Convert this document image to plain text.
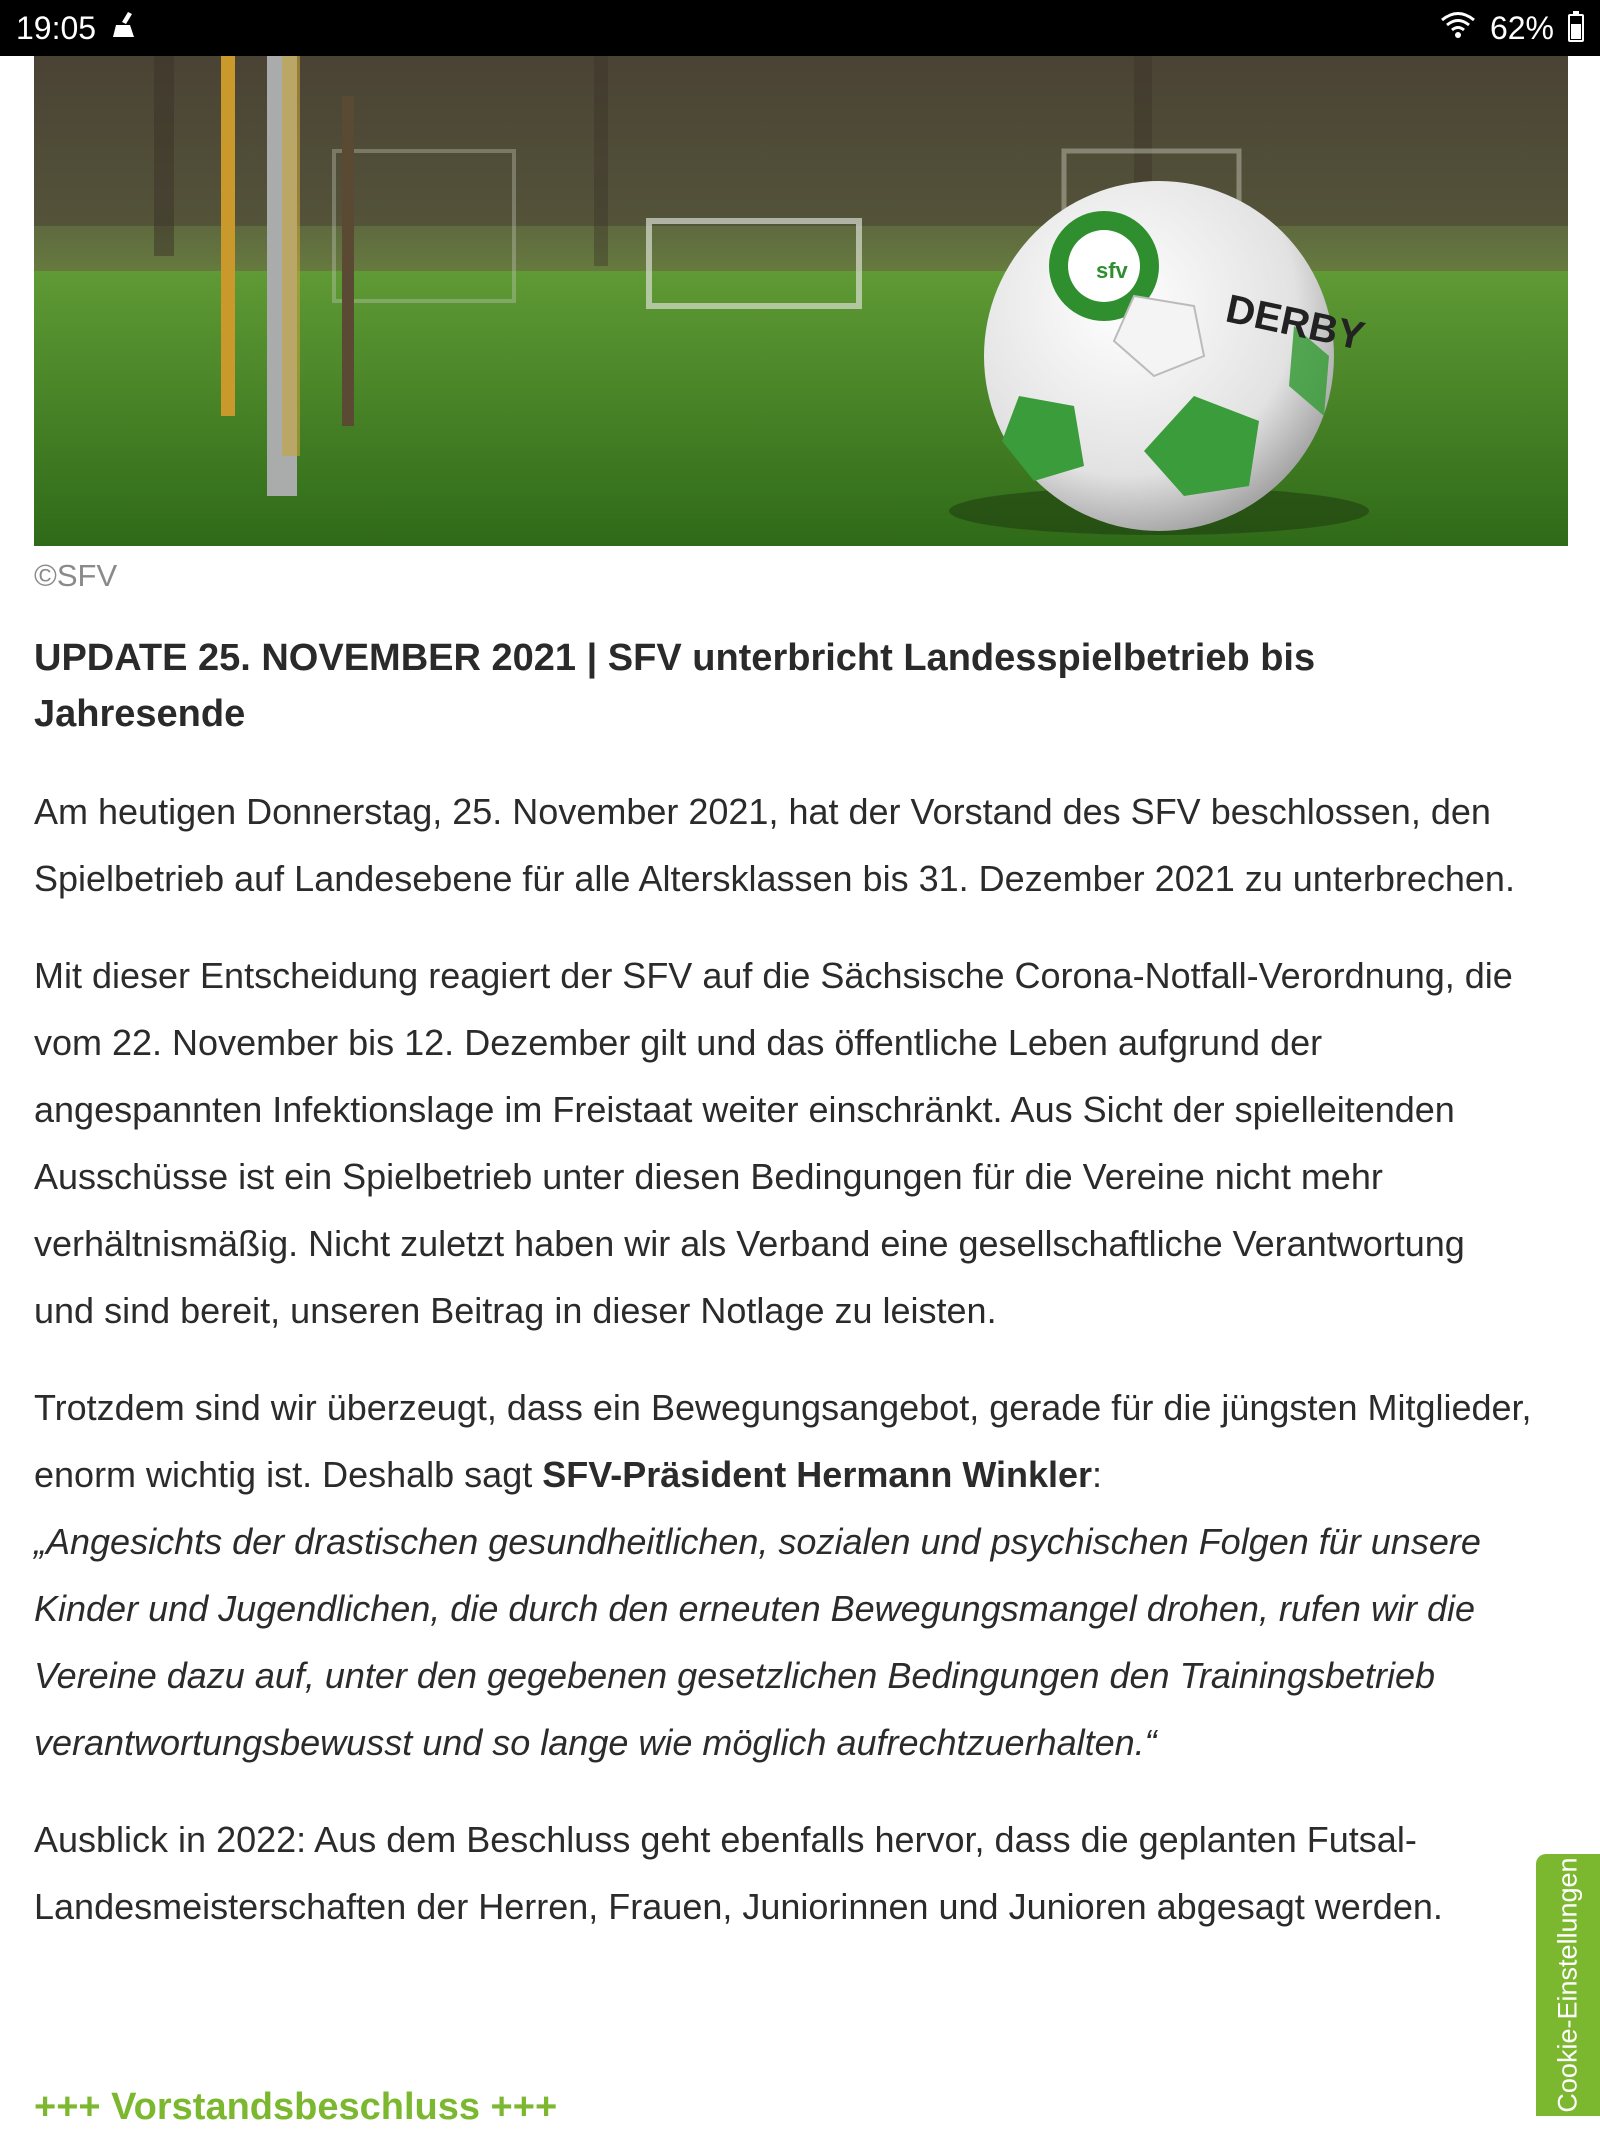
19:05	62%
DERBY
sfv
©SFV
UPDATE 25. NOVEMBER 2021 | SFV unterbricht Landesspielbetrieb bis Jahresende

Am heutigen Donnerstag, 25. November 2021, hat der Vorstand des SFV beschlossen, den Spielbetrieb auf Landesebene für alle Altersklassen bis 31. Dezember 2021 zu unterbrechen.

Mit dieser Entscheidung reagiert der SFV auf die Sächsische Corona-Notfall-Verordnung, die vom 22. November bis 12. Dezember gilt und das öffentliche Leben aufgrund der angespannten Infektionslage im Freistaat weiter einschränkt. Aus Sicht der spielleitenden Ausschüsse ist ein Spielbetrieb unter diesen Bedingungen für die Vereine nicht mehr verhältnismäßig. Nicht zuletzt haben wir als Verband eine gesellschaftliche Verantwortung und sind bereit, unseren Beitrag in dieser Notlage zu leisten.

Trotzdem sind wir überzeugt, dass ein Bewegungsangebot, gerade für die jüngsten Mitglieder, enorm wichtig ist. Deshalb sagt SFV-Präsident Hermann Winkler:
„Angesichts der drastischen gesundheitlichen, sozialen und psychischen Folgen für unsere Kinder und Jugendlichen, die durch den erneuten Bewegungsmangel drohen, rufen wir die Vereine dazu auf, unter den gegebenen gesetzlichen Bedingungen den Trainingsbetrieb verantwortungsbewusst und so lange wie möglich aufrechtzuerhalten.“

Ausblick in 2022: Aus dem Beschluss geht ebenfalls hervor, dass die geplanten Futsal-Landesmeisterschaften der Herren, Frauen, Juniorinnen und Junioren abgesagt werden.

+++ Vorstandsbeschluss +++	Cookie-Einstellungen
